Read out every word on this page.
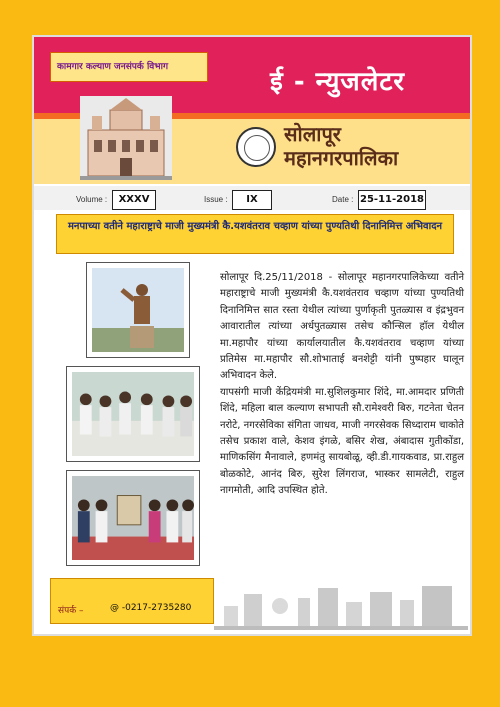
कामगार कल्याण जनसंपर्क विभाग	ई - न्युजलेटर
सोलापूर
महानगरपालिका
Volume :	XXXV	Issue :	IX	Date : 25-11-2018
मनपाच्या वतीने महाराष्ट्राचे माजी मुख्यमंत्री कै.यशवंतराव चव्हाण यांच्या पुण्यतिथी दिनानिमित्त अभिवादन
सोलापूर दि.25/11/2018 - सोलापूर महानगरपालिकेच्या वतीने महाराष्ट्राचे माजी मुख्यमंत्री कै.यशवंतराव चव्हाण यांच्या पुण्यतिथी दिनानिमित्त सात रस्ता येथील त्यांच्या पुर्णाकृती पुतळ्यास व इंद्रभुवन आवारातील त्यांच्या अर्धपुतळ्यास तसेच कौन्सिल हॉल येथील मा.महापौर यांच्या कार्यालयातील कै.यशवंतराव चव्हाण यांच्या प्रतिमेस मा.महापौर सौ.शोभाताई बनशेट्टी यांनी पुष्पहार घालून अभिवादन केले.
यापसंगी माजी केंद्रियमंत्री मा.सुशिलकुमार शिंदे, मा.आमदार प्रणिती शिंदे, महिला बाल कल्याण सभापती सौ.रामेश्वरी बिरु, गटनेता चेतन नरोटे, नगरसेविका संगिता जाधव, माजी नगरसेवक सिध्दाराम चाकोते तसेच प्रकाश वाले, केशव इंगळे, बसिर शेख, अंबादास गुतीकोंडा, माणिकसिंग मैनावाले, हणमंतु सायबोळू, व्ही.डी.गायकवाड, प्रा.राहुल बोळकोटे, आनंद बिरु, सुरेश लिंगराज, भास्कर सामलेटी, राहुल नागमोती, आदि उपस्थित होते.
संपर्क –	@ -0217-2735280
